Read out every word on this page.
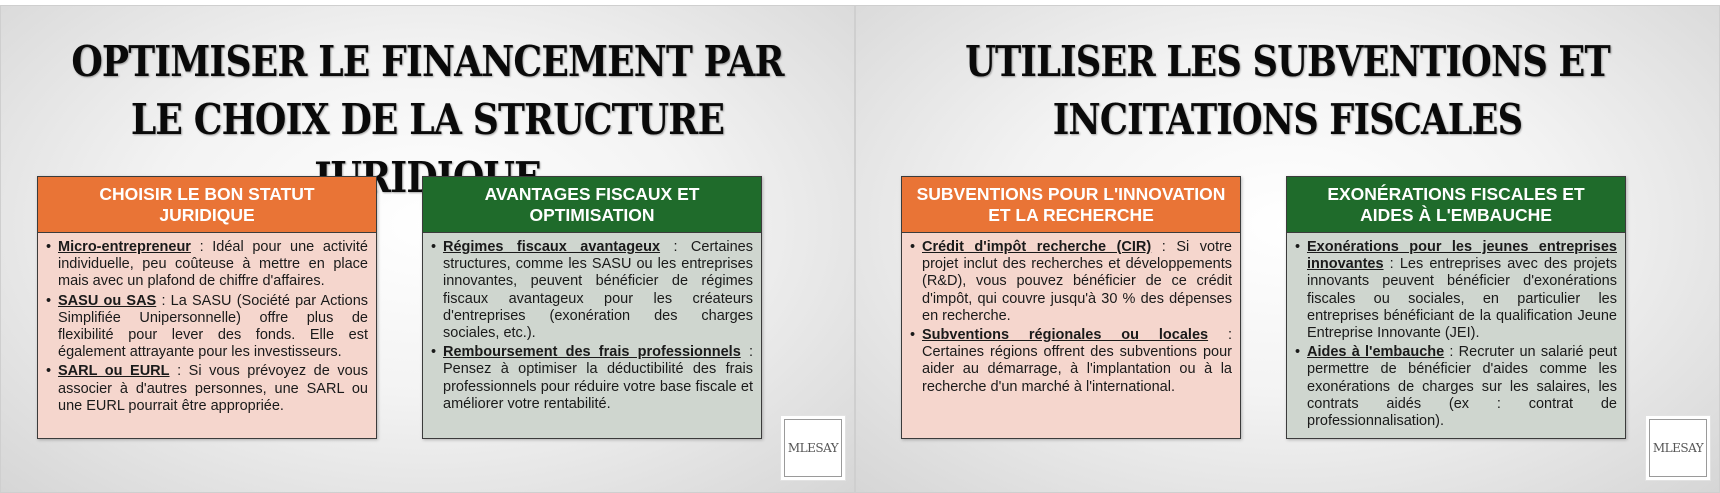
OPTIMISER LE FINANCEMENT PAR LE CHOIX DE LA STRUCTURE
CHOISIR LE BON STATUT JURIDIQUE
• Micro-entrepreneur : Idéal pour une activité individuelle, peu coûteuse à mettre en place mais avec un plafond de chiffre d'affaires.
• SASU ou SAS : La SASU (Société par Actions Simplifiée Unipersonnelle) offre plus de flexibilité pour lever des fonds. Elle est également attrayante pour les investisseurs.
• SARL ou EURL : Si vous prévoyez de vous associer à d'autres personnes, une SARL ou une EURL pourrait être appropriée.
AVANTAGES FISCAUX ET OPTIMISATION
• Régimes fiscaux avantageux : Certaines structures, comme les SASU ou les entreprises innovantes, peuvent bénéficier de régimes fiscaux avantageux pour les créateurs d'entreprises (exonération des charges sociales, etc.).
• Remboursement des frais professionnels : Pensez à optimiser la déductibilité des frais professionnels pour réduire votre base fiscale et améliorer votre rentabilité.
MLESAY
UTILISER LES SUBVENTIONS ET INCITATIONS FISCALES
SUBVENTIONS POUR L'INNOVATION ET LA RECHERCHE
• Crédit d'impôt recherche (CIR) : Si votre projet inclut des recherches et développements (R&D), vous pouvez bénéficier de ce crédit d'impôt, qui couvre jusqu'à 30 % des dépenses en recherche.
• Subventions régionales ou locales : Certaines régions offrent des subventions pour aider au démarrage, à l'implantation ou à la recherche d'un marché à l'international.
EXONÉRATIONS FISCALES ET AIDES À L'EMBAUCHE
• Exonérations pour les jeunes entreprises innovantes : Les entreprises avec des projets innovants peuvent bénéficier d'exonérations fiscales ou sociales, en particulier les entreprises bénéficiant de la qualification Jeune Entreprise Innovante (JEI).
• Aides à l'embauche : Recruter un salarié peut permettre de bénéficier d'aides comme les exonérations de charges sur les salaires, les contrats aidés (ex : contrat de professionnalisation).
MLESAY
